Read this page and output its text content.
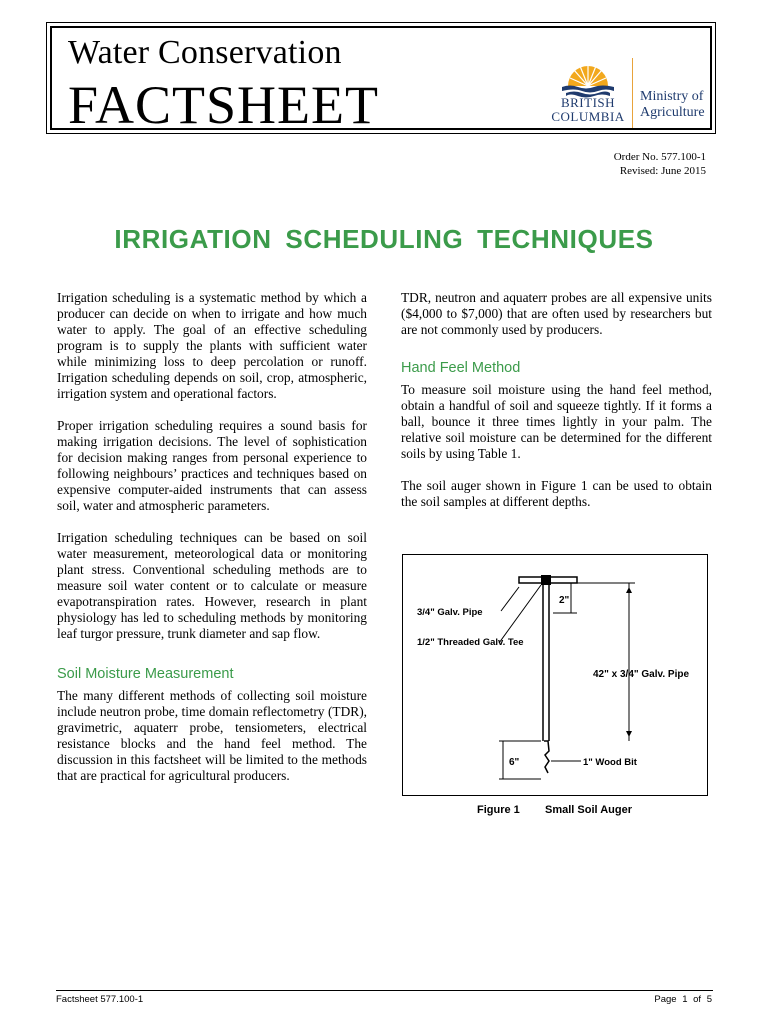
Water Conservation
FACTSHEET	BRITISH
COLUMBIA
Ministry of
Agriculture
Order No. 577.100-1
Revised: June 2015
IRRIGATION SCHEDULING TECHNIQUES

Irrigation scheduling is a systematic method by which a producer can decide on when to irrigate and how much water to apply. The goal of an effective scheduling program is to supply the plants with sufficient water while minimizing loss to deep percolation or runoff. Irrigation scheduling depends on soil, crop, atmospheric, irrigation system and operational factors.

Proper irrigation scheduling requires a sound basis for making irrigation decisions. The level of sophistication for decision making ranges from personal experience to following neighbours’ practices and techniques based on expensive computer-aided instruments that can assess soil, water and atmospheric parameters.

Irrigation scheduling techniques can be based on soil water measurement, meteorological data or monitoring plant stress. Conventional scheduling methods are to measure soil water content or to calculate or measure evapotranspiration rates. However, research in plant physiology has led to scheduling methods by monitoring leaf turgor pressure, trunk diameter and sap flow.

Soil Moisture Measurement

The many different methods of collecting soil moisture include neutron probe, time domain reflectometry (TDR), gravimetric, aquaterr probe, tensiometers, electrical resistance blocks and the hand feel method. The discussion in this factsheet will be limited to the methods that are practical for agricultural producers.

TDR, neutron and aquaterr probes are all expensive units ($4,000 to $7,000) that are often used by researchers but are not commonly used by producers.

Hand Feel Method

To measure soil moisture using the hand feel method, obtain a handful of soil and squeeze tightly. If it forms a ball, bounce it three times lightly in your palm. The relative soil moisture can be determined for the different soils by using Table 1.

The soil auger shown in Figure 1 can be used to obtain the soil samples at different depths.

2"
42" x 3/4" Galv. Pipe
6"
3/4" Galv. Pipe
1/2" Threaded Galv. Tee
1" Wood Bit
Figure 1 Small Soil Auger
Factsheet 577.100-1	Page 1 of 5
